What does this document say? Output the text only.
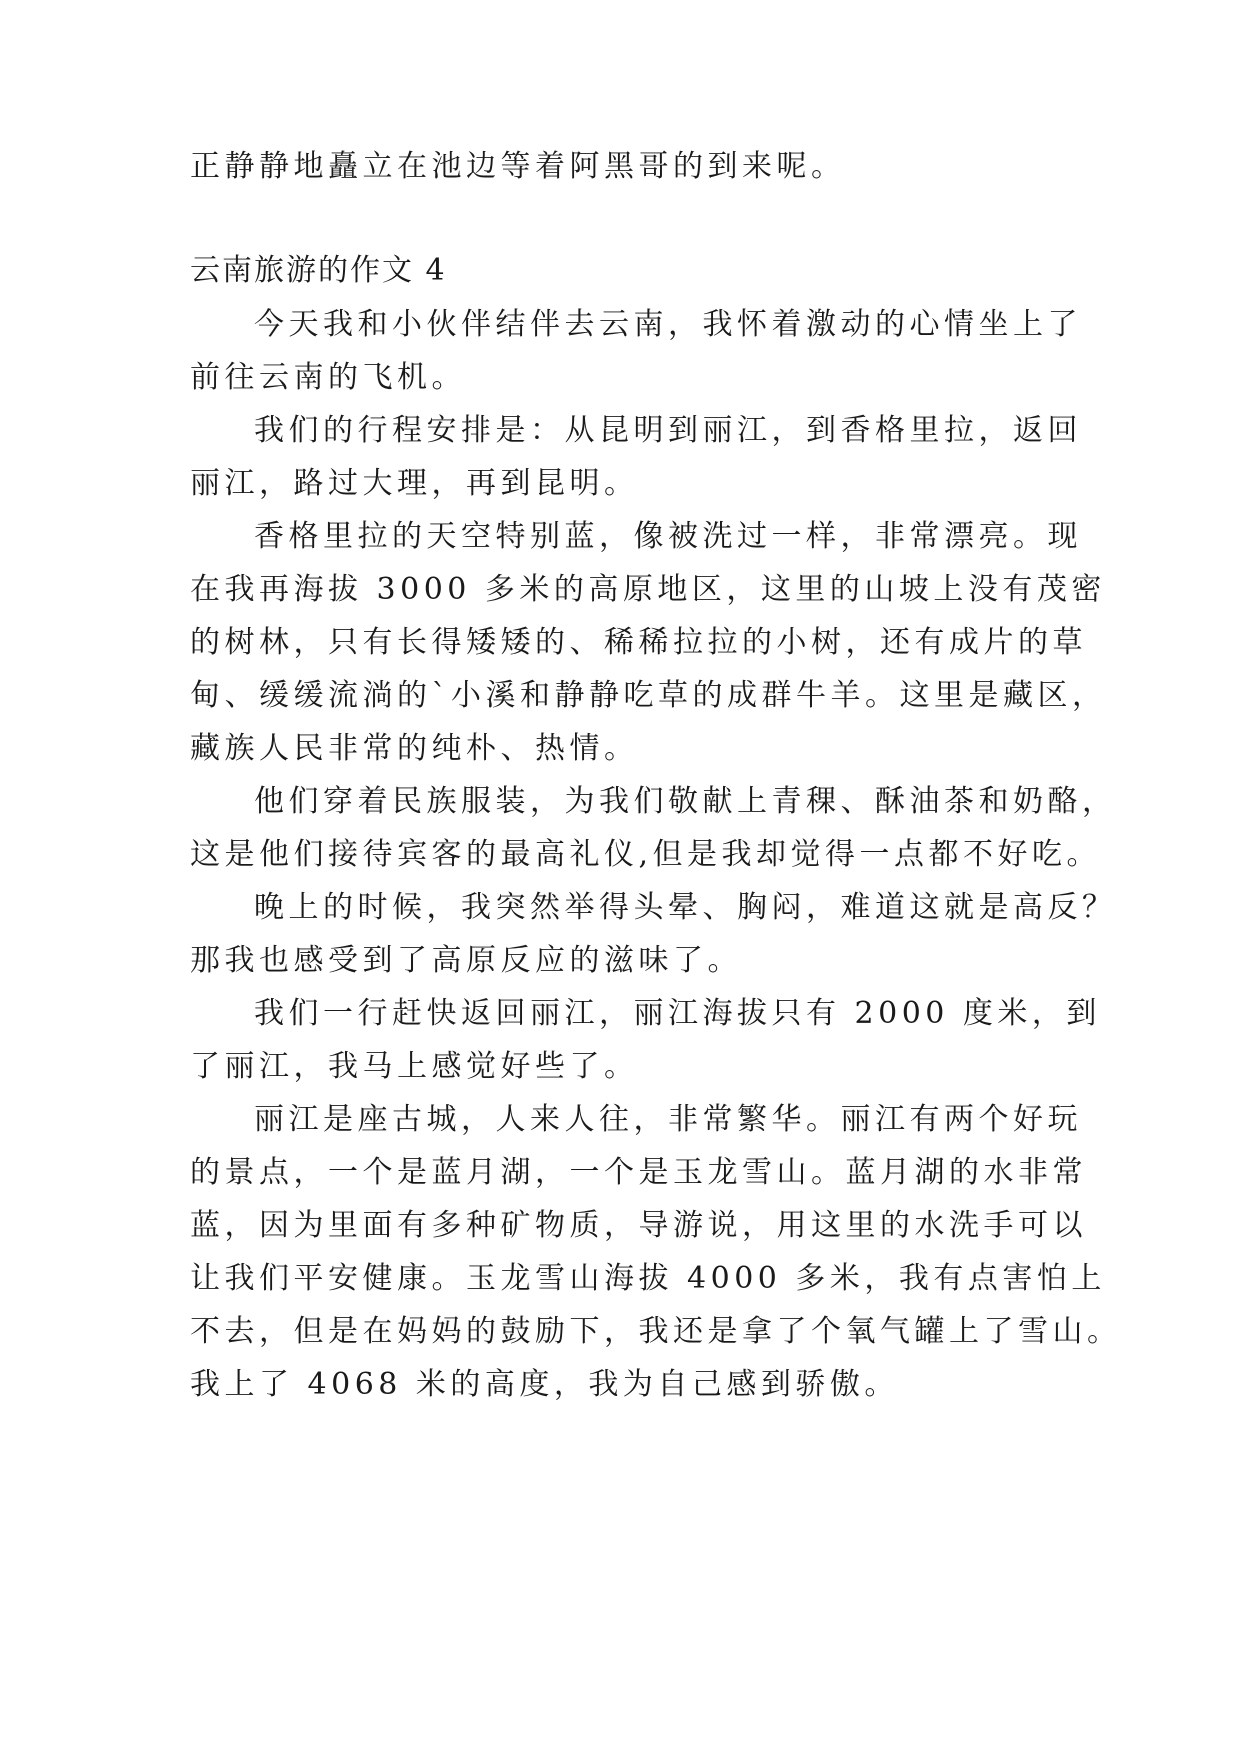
正静静地矗立在池边等着阿黑哥的到来呢。
云南旅游的作文 4
今天我和小伙伴结伴去云南，我怀着激动的心情坐上了
前往云南的飞机。
我们的行程安排是：从昆明到丽江，到香格里拉，返回
丽江，路过大理，再到昆明。
香格里拉的天空特别蓝，像被洗过一样，非常漂亮。现
在我再海拔 3000 多米的高原地区，这里的山坡上没有茂密
的树林，只有长得矮矮的、稀稀拉拉的小树，还有成片的草
甸、缓缓流淌的`小溪和静静吃草的成群牛羊。这里是藏区，
藏族人民非常的纯朴、热情。
他们穿着民族服装，为我们敬献上青稞、酥油茶和奶酪，
这是他们接待宾客的最高礼仪,但是我却觉得一点都不好吃。
晚上的时候，我突然举得头晕、胸闷，难道这就是高反？
那我也感受到了高原反应的滋味了。
我们一行赶快返回丽江，丽江海拔只有 2000 度米，到
了丽江，我马上感觉好些了。
丽江是座古城，人来人往，非常繁华。丽江有两个好玩
的景点，一个是蓝月湖，一个是玉龙雪山。蓝月湖的水非常
蓝，因为里面有多种矿物质，导游说，用这里的水洗手可以
让我们平安健康。玉龙雪山海拔 4000 多米，我有点害怕上
不去，但是在妈妈的鼓励下，我还是拿了个氧气罐上了雪山。
我上了 4068 米的高度，我为自己感到骄傲。
